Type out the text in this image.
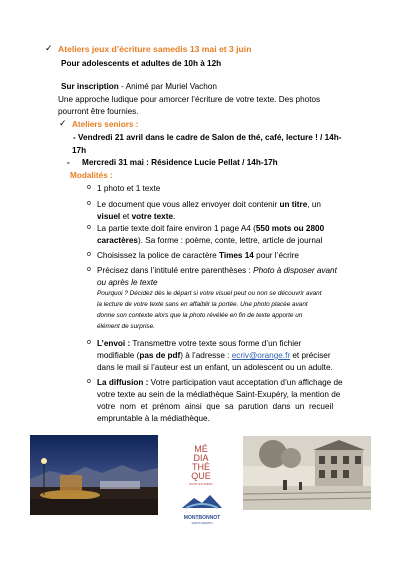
✓ Ateliers jeux d’écriture samedis 13 mai et 3 juin
Pour adolescents et adultes de 10h à 12h
Sur inscription - Animé par Muriel Vachon
Une approche ludique pour amorcer l’écriture de votre texte. Des photos
pourront être fournies.
✓ Ateliers seniors :
- Vendredi 21 avril dans le cadre de Salon de thé, café, lecture ! / 14h-
17h
- Mercredi 31 mai : Résidence Lucie Pellat / 14h-17h
Modalités :
o 1 photo et 1 texte
o Le document que vous allez envoyer doit contenir un titre, un
visuel et votre texte.
o La partie texte doit faire environ 1 page A4 (550 mots ou 2800
caractères). Sa forme : poème, conte, lettre, article de journal
o Choisissez la police de caractère Times 14 pour l’écrire
o Précisez dans l’intitulé entre parenthèses : Photo à disposer avant
ou après le texte
Pourquoi ? Décidez dès le départ si votre visuel peut ou non se découvrir avant
la lecture de votre texte sans en affaiblir la portée. Une photo placée avant
donne son contexte alors que la photo révélée en fin de texte apporte un
élément de surprise.
o L’envoi : Transmettre votre texte sous forme d’un fichier
modifiable (pas de pdf) à l’adresse : ecriv@orange.fr et préciser
dans le mail si l’auteur est un enfant, un adolescent ou un adulte.
o La diffusion : Votre participation vaut acceptation d’un affichage de
votre texte au sein de la médiathèque Saint-Exupéry, la mention de
votre nom et prénom ainsi que sa parution dans un recueil
empruntable à la médiathèque.
MÉ
DIA
THÈ
QUE
SAINT-EXUPÉRY
MONTBONNOT
SAINT-MARTIN
